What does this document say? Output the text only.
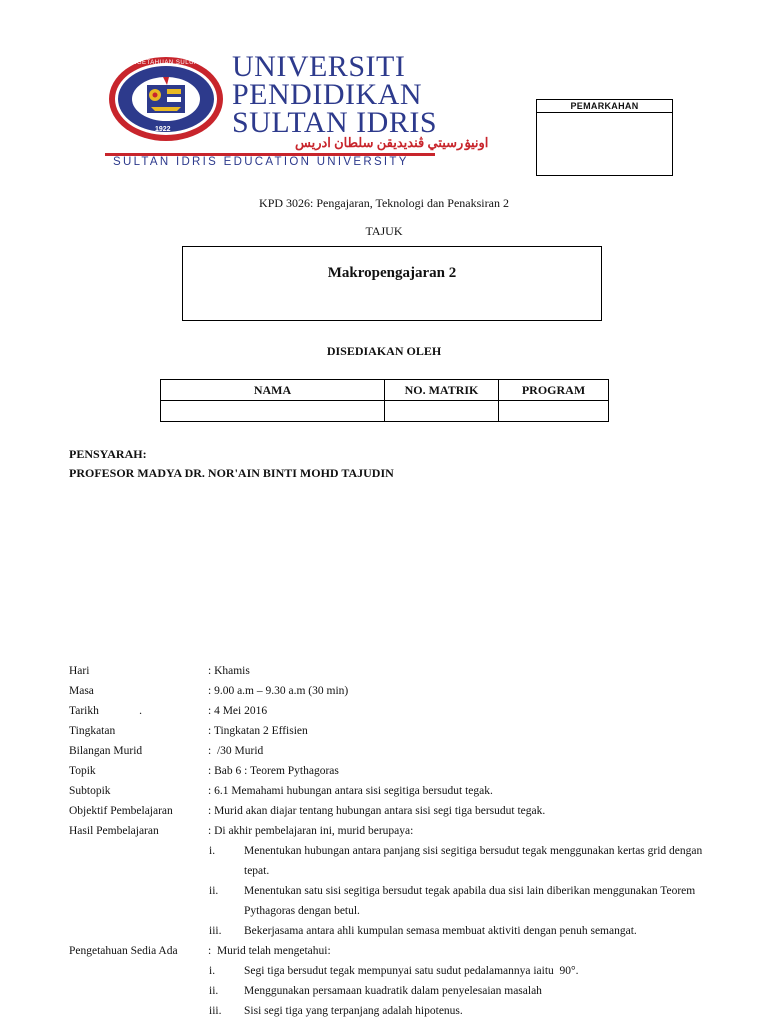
PENGETAHUAN SULUH BUDIMAN
1922
UNIVERSITI
PENDIDIKAN
SULTAN IDRIS
اونيۏرسيتي ڤنديديقن سلطان ادريس
SULTAN IDRIS EDUCATION UNIVERSITY
PEMARKAHAN
KPD 3026: Pengajaran, Teknologi dan Penaksiran 2
TAJUK
Makropengajaran 2
DISEDIAKAN OLEH
NAMA	NO. MATRIK	PROGRAM

PENSYARAH:
PROFESOR MADYA DR. NOR'AIN BINTI MOHD TAJUDIN
Hari	: Khamis
Masa	: 9.00 a.m – 9.30 a.m (30 min)
Tarikh              .	: 4 Mei 2016
Tingkatan	: Tingkatan 2 Effisien
Bilangan Murid	:  /30 Murid
Topik	: Bab 6 : Teorem Pythagoras
Subtopik	: 6.1 Memahami hubungan antara sisi segitiga bersudut tegak.
Objektif Pembelajaran	: Murid akan diajar tentang hubungan antara sisi segi tiga bersudut tegak.
Hasil Pembelajaran	: Di akhir pembelajaran ini, murid berupaya:
i.	Menentukan hubungan antara panjang sisi segitiga bersudut tegak menggunakan kertas grid dengan tepat.
ii. Menentukan satu sisi segitiga bersudut tegak apabila dua sisi lain diberikan menggunakan Teorem Pythagoras dengan betul.
iii. Bekerjasama antara ahli kumpulan semasa membuat aktiviti dengan penuh semangat.
Pengetahuan Sedia Ada	:  Murid telah mengetahui:
i.	Segi tiga bersudut tegak mempunyai satu sudut pedalamannya iaitu  90°.
ii. Menggunakan persamaan kuadratik dalam penyelesaian masalah
iii. Sisi segi tiga yang terpanjang adalah hipotenus.
